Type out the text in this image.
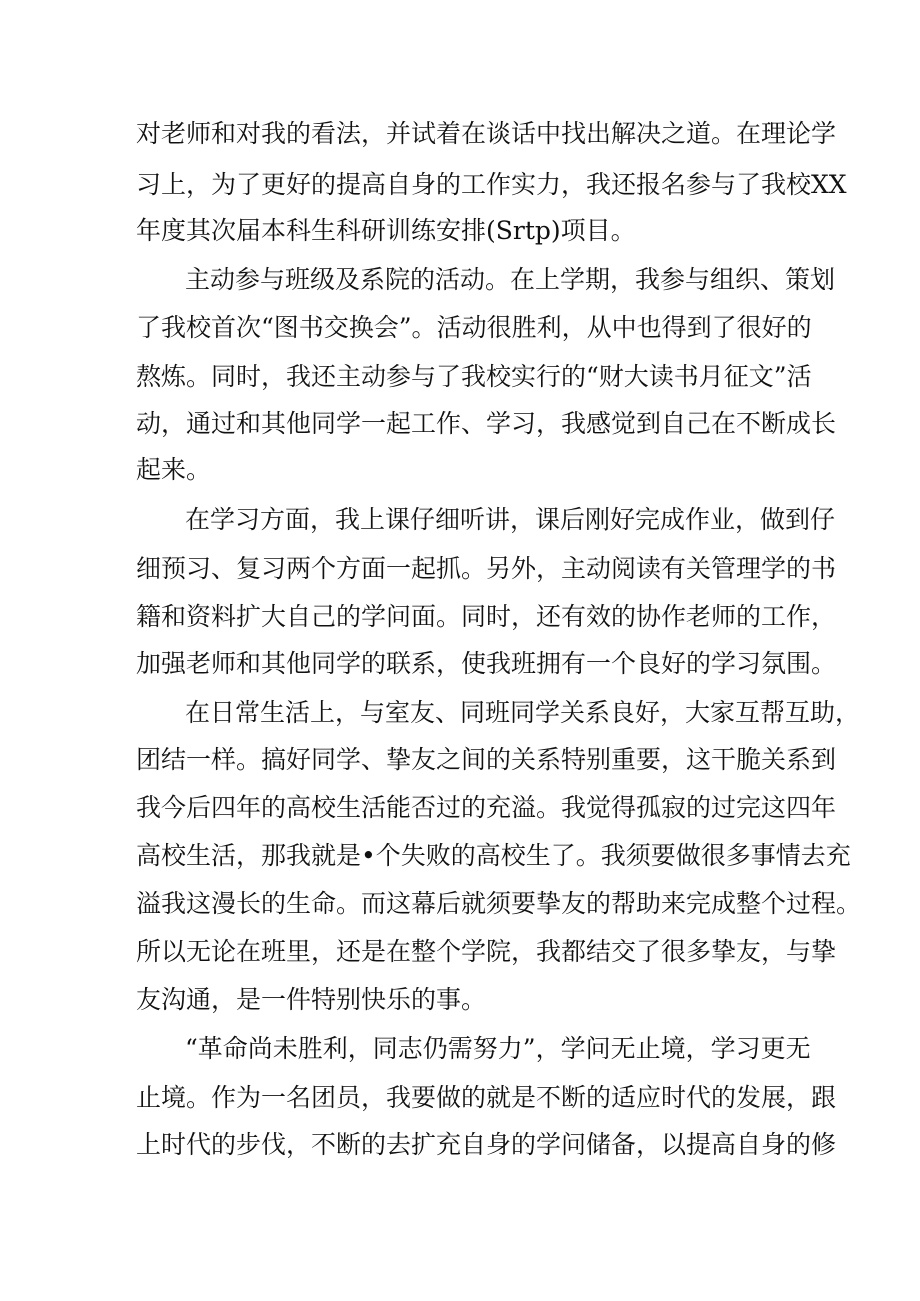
对老师和对我的看法，并试着在谈话中找出解决之道。在理论学
习上，为了更好的提高自身的工作实力，我还报名参与了我校XX
年度其次届本科生科研训练安排(Srtp)项目。
主动参与班级及系院的活动。在上学期，我参与组织、策划
了我校首次“图书交换会”。活动很胜利，从中也得到了很好的
熬炼。同时，我还主动参与了我校实行的“财大读书月征文”活
动，通过和其他同学一起工作、学习，我感觉到自己在不断成长
起来。
在学习方面，我上课仔细听讲，课后刚好完成作业，做到仔
细预习、复习两个方面一起抓。另外，主动阅读有关管理学的书
籍和资料扩大自己的学问面。同时，还有效的协作老师的工作，
加强老师和其他同学的联系，使我班拥有一个良好的学习氛围。
在日常生活上，与室友、同班同学关系良好，大家互帮互助，
团结一样。搞好同学、挚友之间的关系特别重要，这干脆关系到
我今后四年的高校生活能否过的充溢。我觉得孤寂的过完这四年
高校生活，那我就是•个失败的高校生了。我须要做很多事情去充
溢我这漫长的生命。而这幕后就须要挚友的帮助来完成整个过程。
所以无论在班里，还是在整个学院，我都结交了很多挚友，与挚
友沟通，是一件特别快乐的事。
“革命尚未胜利，同志仍需努力”，学问无止境，学习更无
止境。作为一名团员，我要做的就是不断的适应时代的发展，跟
上时代的步伐，不断的去扩充自身的学问储备，以提高自身的修
